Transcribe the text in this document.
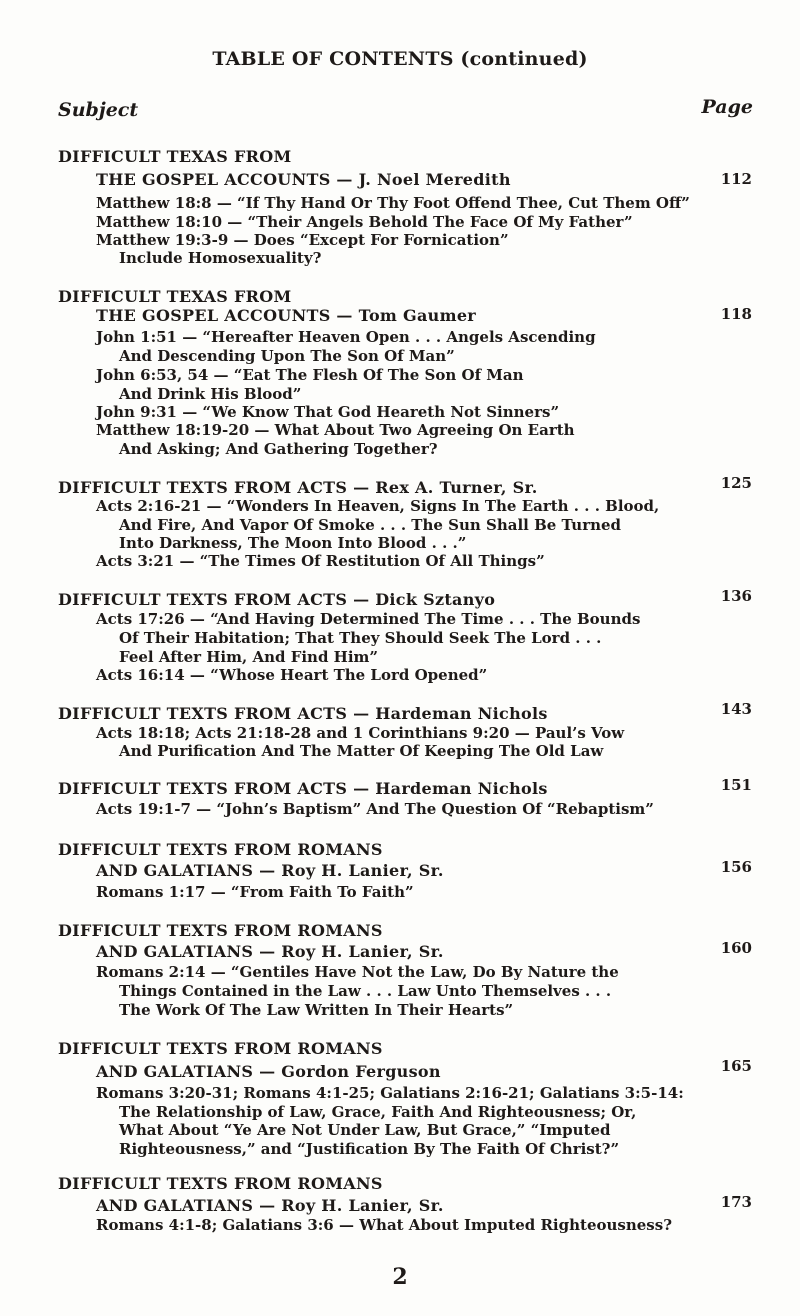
TABLE OF CONTENTS (continued)
Subject	Page
DIFFICULT TEXAS FROM
THE GOSPEL ACCOUNTS — J. Noel Meredith	112
Matthew 18:8 — “If Thy Hand Or Thy Foot Offend Thee, Cut Them Off”
Matthew 18:10 — “Their Angels Behold The Face Of My Father”
Matthew 19:3-9 — Does “Except For Fornication”
Include Homosexuality?
DIFFICULT TEXAS FROM
THE GOSPEL ACCOUNTS — Tom Gaumer	118
John 1:51 — “Hereafter Heaven Open . . . Angels Ascending
And Descending Upon The Son Of Man”
John 6:53, 54 — “Eat The Flesh Of The Son Of Man
And Drink His Blood”
John 9:31 — “We Know That God Heareth Not Sinners”
Matthew 18:19-20 — What About Two Agreeing On Earth
And Asking; And Gathering Together?
DIFFICULT TEXTS FROM ACTS — Rex A. Turner, Sr.	125
Acts 2:16-21 — “Wonders In Heaven, Signs In The Earth . . . Blood,
And Fire, And Vapor Of Smoke . . . The Sun Shall Be Turned
Into Darkness, The Moon Into Blood . . .”
Acts 3:21 — “The Times Of Restitution Of All Things”
DIFFICULT TEXTS FROM ACTS — Dick Sztanyo	136
Acts 17:26 — “And Having Determined The Time . . . The Bounds
Of Their Habitation; That They Should Seek The Lord . . .
Feel After Him, And Find Him”
Acts 16:14 — “Whose Heart The Lord Opened”
DIFFICULT TEXTS FROM ACTS — Hardeman Nichols	143
Acts 18:18; Acts 21:18-28 and 1 Corinthians 9:20 — Paul’s Vow
And Purification And The Matter Of Keeping The Old Law
DIFFICULT TEXTS FROM ACTS — Hardeman Nichols	151
Acts 19:1-7 — “John’s Baptism” And The Question Of “Rebaptism”
DIFFICULT TEXTS FROM ROMANS
AND GALATIANS — Roy H. Lanier, Sr.	156
Romans 1:17 — “From Faith To Faith”
DIFFICULT TEXTS FROM ROMANS
AND GALATIANS — Roy H. Lanier, Sr.	160
Romans 2:14 — “Gentiles Have Not the Law, Do By Nature the
Things Contained in the Law . . . Law Unto Themselves . . .
The Work Of The Law Written In Their Hearts”
DIFFICULT TEXTS FROM ROMANS
AND GALATIANS — Gordon Ferguson	165
Romans 3:20-31; Romans 4:1-25; Galatians 2:16-21; Galatians 3:5-14:
The Relationship of Law, Grace, Faith And Righteousness; Or,
What About “Ye Are Not Under Law, But Grace,” “Imputed
Righteousness,” and “Justification By The Faith Of Christ?”
DIFFICULT TEXTS FROM ROMANS
AND GALATIANS — Roy H. Lanier, Sr.	173
Romans 4:1-8; Galatians 3:6 — What About Imputed Righteousness?
2
